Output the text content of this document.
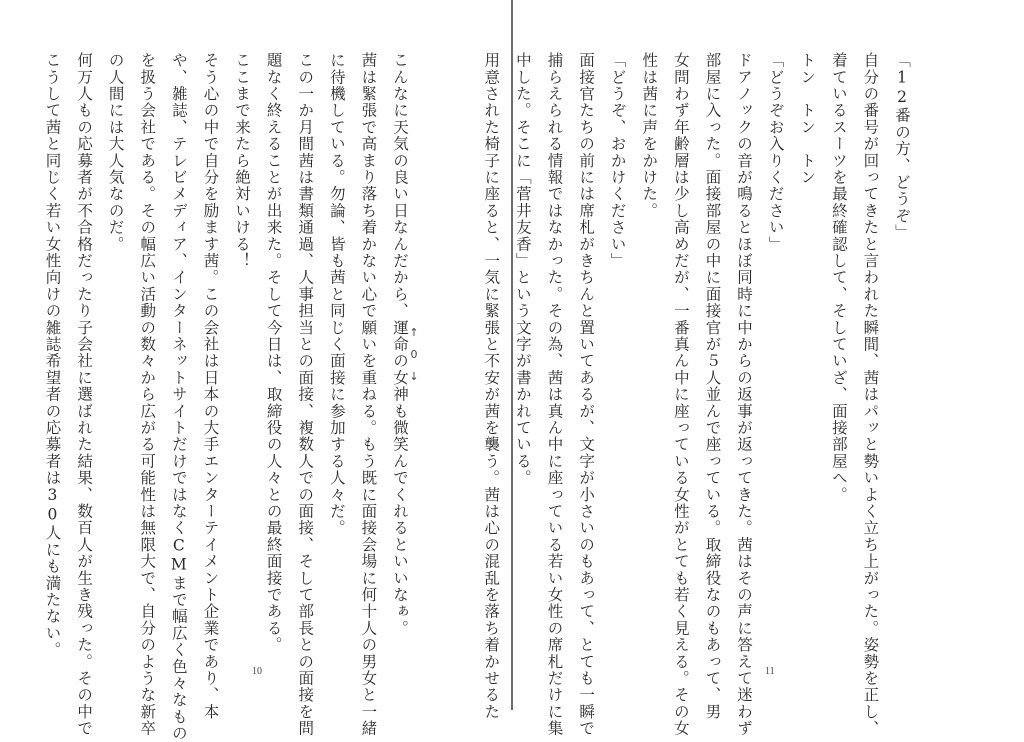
こんなに天気の良い日なんだから、運命の女神も微笑んでくれるといいなぁ。
茜は緊張で高まり落ち着かない心で願いを重ねる。もう既に面接会場に何十人の男女と一緒
に待機している。勿論、皆も茜と同じく面接に参加する人々だ。
この一か月間茜は書類通過、人事担当との面接、複数人での面接、そして部長との面接を問
題なく終えることが出来た。そして今日は、取締役の人々との最終面接である。
ここまで来たら絶対いける！
そう心の中で自分を励ます茜。この会社は日本の大手エンターテイメント企業であり、本
や、雑誌、テレビメディア、インターネットサイトだけではなくCMまで幅広く色々なもの
を扱う会社である。その幅広い活動の数々から広がる可能性は無限大で、自分のような新卒
の人間には大人気なのだ。
何万人もの応募者が不合格だったり子会社に選ばれた結果、数百人が生き残った。その中で
こうして茜と同じく若い女性向けの雑誌希望者の応募者は30人にも満たない。
10
↑
0
↓
「12番の方、どうぞ」
自分の番号が回ってきたと言われた瞬間、茜はパッと勢いよく立ち上がった。姿勢を正し、
着ているスーツを最終確認して、そしていざ、面接部屋へ。
トン　トン　トン
「どうぞお入りください」
ドアノックの音が鳴るとほぼ同時に中からの返事が返ってきた。茜はその声に答えて迷わず
部屋に入った。面接部屋の中に面接官が５人並んで座っている。取締役なのもあって、男
女問わず年齢層は少し高めだが、一番真ん中に座っている女性がとても若く見える。その女
性は茜に声をかけた。
「どうぞ、おかけください」
面接官たちの前には席札がきちんと置いてあるが、文字が小さいのもあって、とても一瞬で
捕らえられる情報ではなかった。その為、茜は真ん中に座っている若い女性の席札だけに集
中した。そこに「菅井友香」という文字が書かれている。
用意された椅子に座ると、一気に緊張と不安が茜を襲う。茜は心の混乱を落ち着かせるた	11
